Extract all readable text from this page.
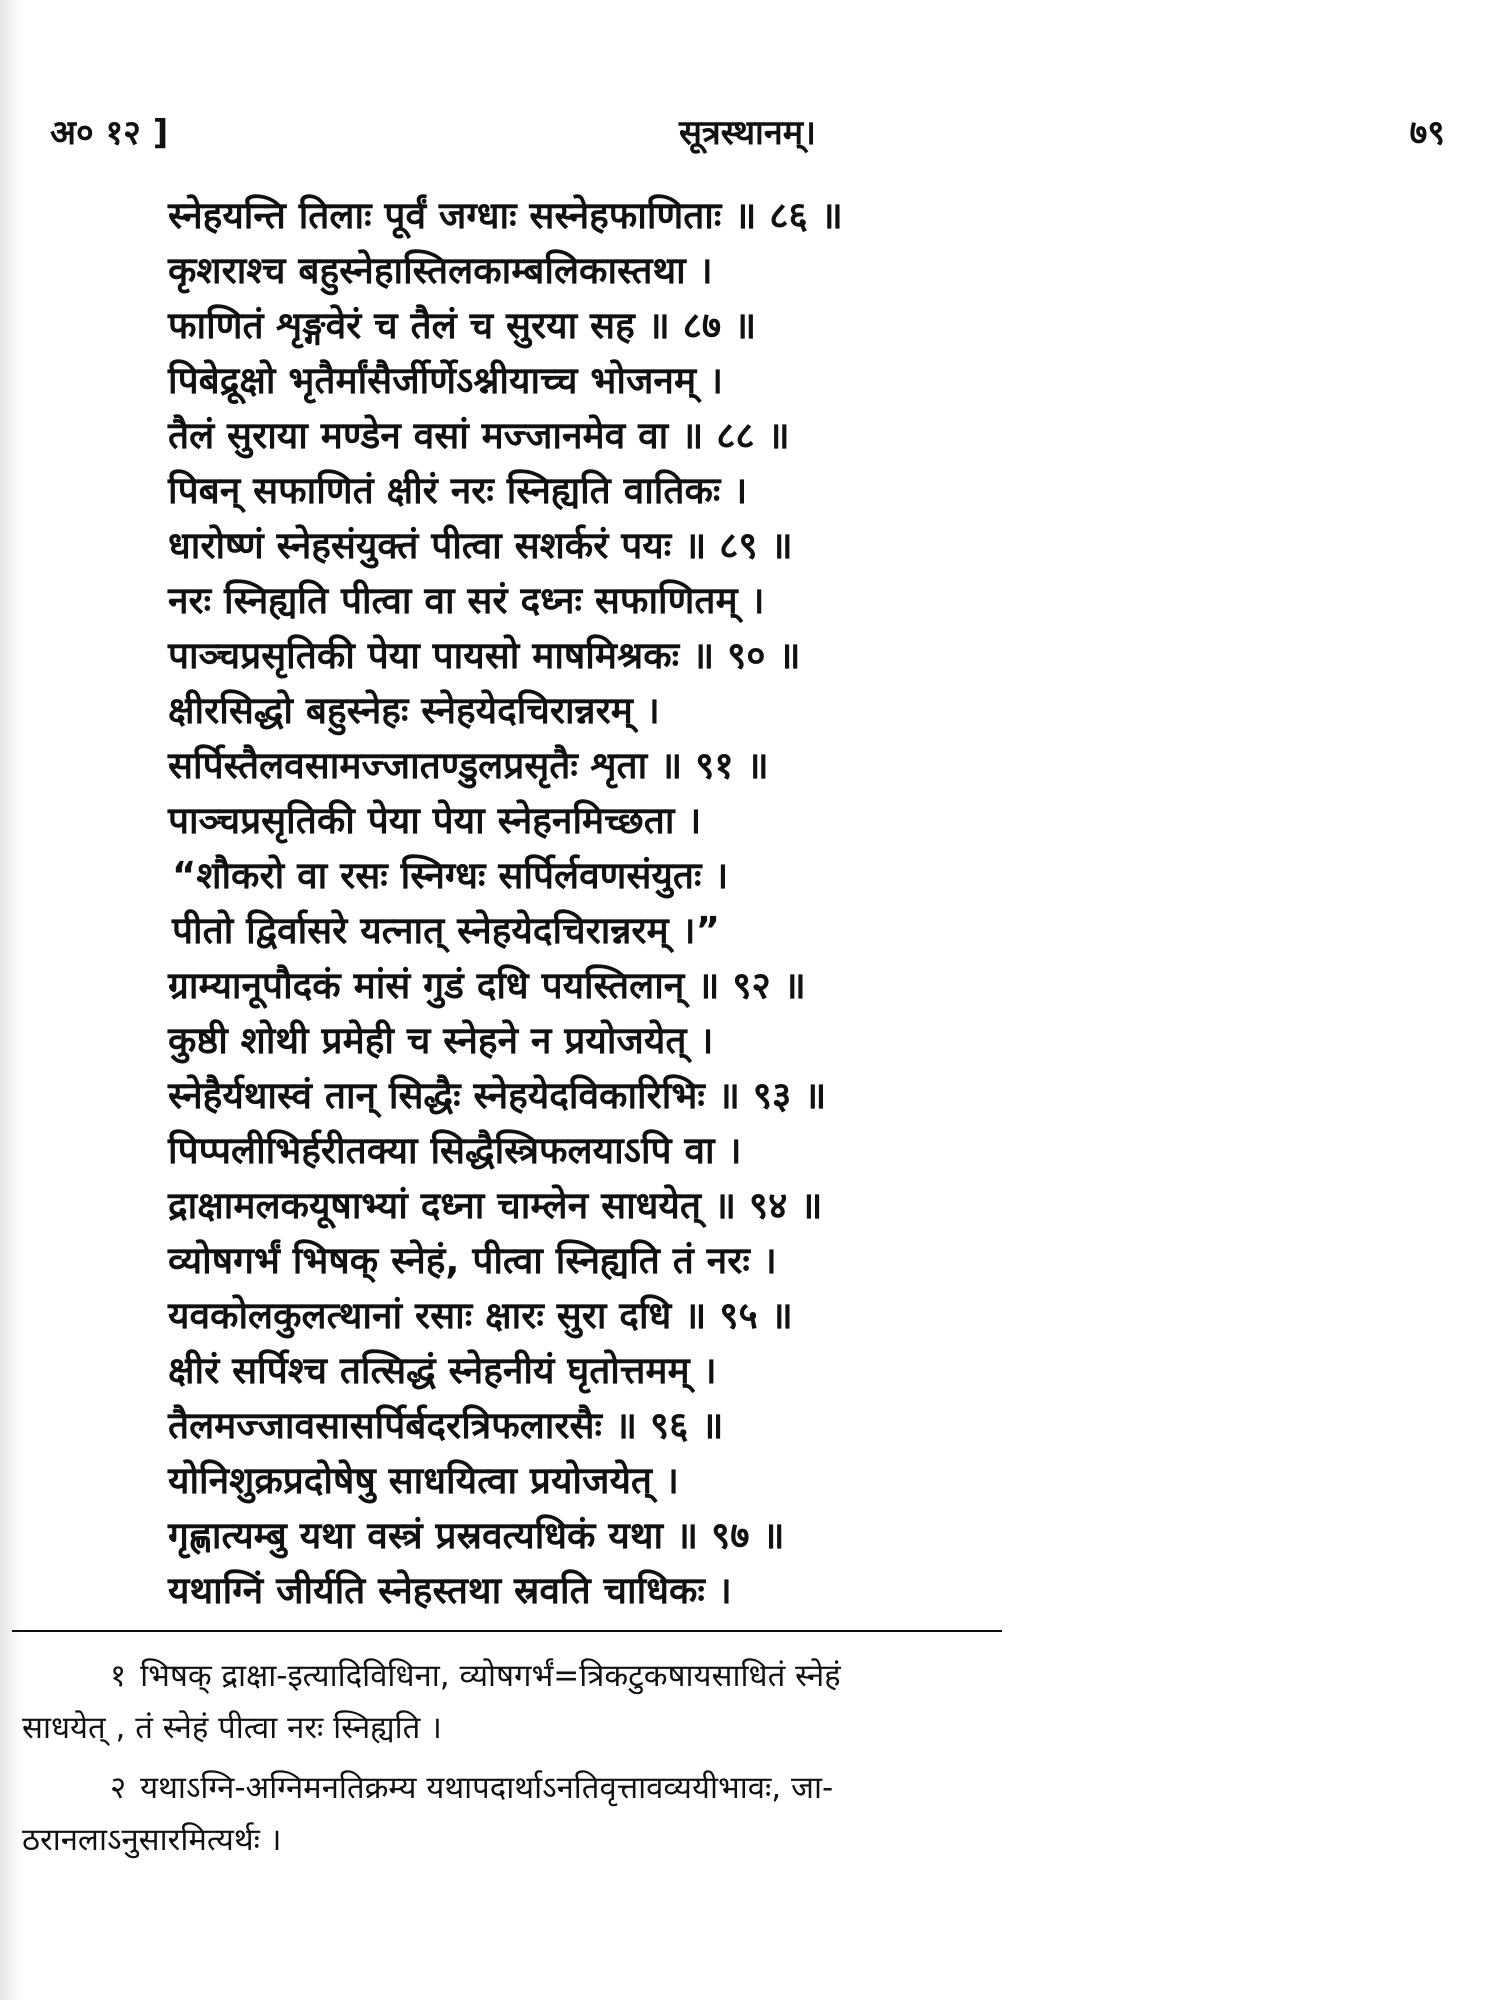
अ० १२ ]	सूत्रस्थानम्।	७९
स्नेहयन्ति तिलाः पूर्वं जग्धाः सस्नेहफाणिताः ॥ ८६ ॥
कृशराश्च बहुस्नेहास्तिलकाम्बलिकास्तथा ।
फाणितं शृङ्गवेरं च तैलं च सुरया सह ॥ ८७ ॥
पिबेद्रूक्षो भृतैर्मांसैर्जीर्णेऽश्नीयाच्च भोजनम् ।
तैलं सुराया मण्डेन वसां मज्जानमेव वा ॥ ८८ ॥
पिबन् सफाणितं क्षीरं नरः स्निह्यति वातिकः ।
धारोष्णं स्नेहसंयुक्तं पीत्वा सशर्करं पयः ॥ ८९ ॥
नरः स्निह्यति पीत्वा वा सरं दध्नः सफाणितम् ।
पाञ्चप्रसृतिकी पेया पायसो माषमिश्रकः ॥ ९० ॥
क्षीरसिद्धो बहुस्नेहः स्नेहयेदचिरान्नरम् ।
सर्पिस्तैलवसामज्जातण्डुलप्रसृतैः शृता ॥ ९१ ॥
पाञ्चप्रसृतिकी पेया पेया स्नेहनमिच्छता ।
“शौकरो वा रसः स्निग्धः सर्पिर्लवणसंयुतः ।
पीतो द्विर्वासरे यत्नात् स्नेहयेदचिरान्नरम् ।”
ग्राम्यानूपौदकं मांसं गुडं दधि पयस्तिलान् ॥ ९२ ॥
कुष्ठी शोथी प्रमेही च स्नेहने न प्रयोजयेत् ।
स्नेहैर्यथास्वं तान् सिद्धैः स्नेहयेदविकारिभिः ॥ ९३ ॥
पिप्पलीभिर्हरीतक्या सिद्धैस्त्रिफलयाऽपि वा ।
द्राक्षामलकयूषाभ्यां दध्ना चाम्लेन साधयेत् ॥ ९४ ॥
व्योषगर्भं भिषक् स्नेहं, पीत्वा स्निह्यति तं नरः ।
यवकोलकुलत्थानां रसाः क्षारः सुरा दधि ॥ ९५ ॥
क्षीरं सर्पिश्च तत्सिद्धं स्नेहनीयं घृतोत्तमम् ।
तैलमज्जावसासर्पिर्बदरत्रिफलारसैः ॥ ९६ ॥
योनिशुक्रप्रदोषेषु साधयित्वा प्रयोजयेत् ।
गृह्णात्यम्बु यथा वस्त्रं प्रस्रवत्यधिकं यथा ॥ ९७ ॥
यथाग्निं जीर्यति स्नेहस्तथा स्रवति चाधिकः ।
१ भिषक् द्राक्षा-इत्यादिविधिना, व्योषगर्भं=त्रिकटुकषायसाधितं स्नेहं
साधयेत् , तं स्नेहं पीत्वा नरः स्निह्यति ।
२ यथाऽग्नि-अग्निमनतिक्रम्य यथापदार्थाऽनतिवृत्तावव्ययीभावः, जा-
ठरानलाऽनुसारमित्यर्थः ।
